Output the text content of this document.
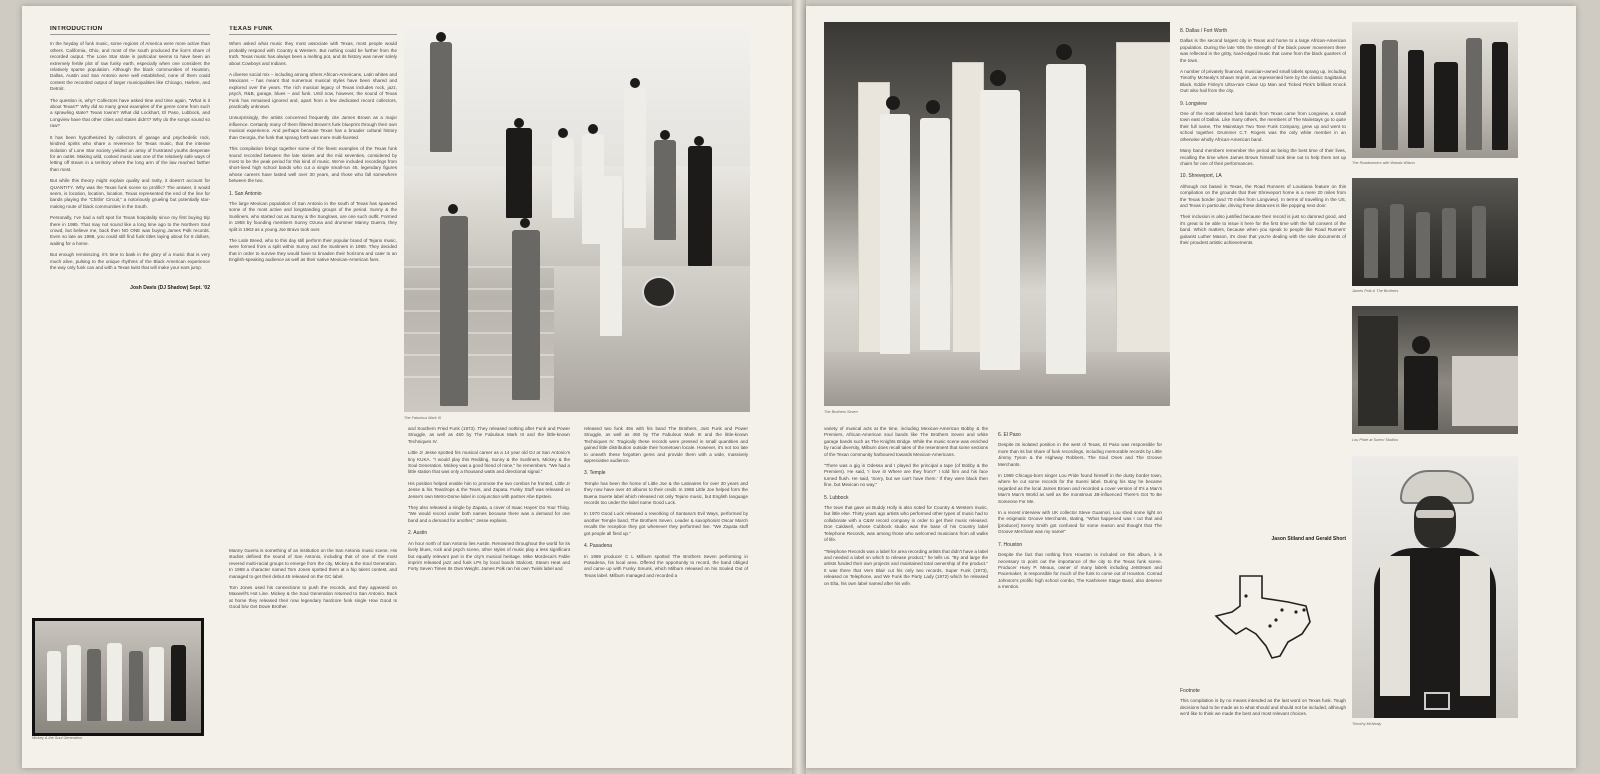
INTRODUCTION

In the heyday of funk music, some regions of America were more active than others. California, Ohio, and most of the south produced the lion's share of recorded output. The Lone Star state in particular seems to have been an extremely fertile plot of raw funky earth, especially when one considers the relatively sparse population. Although the black communities of Houston, Dallas, Austin and San Antonio were well established, none of them could contest the recorded output of larger municipalities like Chicago, Harlem, and Detroit.

The question is, why? Collectors have asked time and time again, "What is it about Texas?" Why did so many great examples of the genre come from such a sprawling state? Texas towns? What did Lockhart, El Paso, Lubbock, and Longview have that other cities and states didn't? Why do the songs sound so raw?

It has been hypothesized by collectors of garage and psychedelic rock, kindred spirits who share a reverence for Texas music, that the intense isolation of Lone Star society yielded an array of frustrated youths desperate for an outlet. Making wild, cooked music was one of the relatively safe ways of letting off steam in a territory where the long arm of the law reached farther than most.

But while this theory might explain quality and rarity, it doesn't account for QUANTITY. Why was the Texas funk scene so prolific? The answer, it would seem, is location, location, location. Texas represented the end of the line for bands playing the "Chitlin' Circuit," a notoriously grueling but potentially star-making route of black communities in the South.

Personally, I've had a soft spot for Texas hospitality since my first buying trip there in 1995. That may not sound like a long time ago to the Northern Soul crowd, but believe me, back then NO ONE was buying James Polk records. Even so late as 1998, you could still find funk titles laying about for 8 dollars, waiting for a home.

But enough reminiscing, it's time to bask in the glory of a music that is very much alive, pulsing to the unique rhythms of the Black American experience the way only funk can and with a Texas twist that will make your ears jump.

Josh Davis (DJ Shadow) Sept. '02
Mickey & the Soul Generation
TEXAS FUNK

When asked what music they most associate with Texas, most people would probably respond with Country & Western. But nothing could be further from the truth. Texas music has always been a melting pot, and its history was never solely about Cowboys and Indians.

A diverse social mix – including among others African-Americans, Latin whites and Mexicans – has meant that numerous musical styles have been shared and explored over the years. The rich musical legacy of Texas includes rock, jazz, psych, R&B, garage, blues – and funk. Until now, however, the sound of Texas Funk has remained ignored and, apart from a few dedicated record collectors, practically unknown.

Unsurprisingly, the artists concerned frequently cite James Brown as a major influence. Certainly many of them filtered Brown's funk blueprint through their own musical experience. And perhaps because Texas has a broader cultural history than Georgia, the funk that sprang forth was more multi-faceted.

This compilation brings together some of the finest examples of the Texas funk sound recorded between the late sixties and the mid seventies, considered by most to be the peak period for this kind of music. We've included recordings from short-lived high school bands who cut a single small-run 45, legendary figures whose careers have lasted well over 30 years, and those who fall somewhere between the two.

1. San Antonio

The large Mexican population of San Antonio in the south of Texas has spawned some of the most active and longstanding groups of the period. Sunny & the Sunliners, who started out as Sunny & the Sunglows, are one such outfit. Formed in 1958 by founding members Sunny Ozuna and drummer Manny Guerra, they split in 1963 as a young Joe Bravo took over.

The Latin Breed, who to this day still perform their popular brand of Tejano music, were formed from a split within Sunny and the Sunliners in 1969. They decided that in order to survive they would have to broaden their horizons and cater to an English-speaking audience as well as their native Mexican-American fans.

The Fabulous Mark III

Manny Guerra is something of an institution on the San Antonio music scene. His studios defined the sound of San Antonio, including that of one of the most revered multi-racial groups to emerge from the city, Mickey & the Soul Generation. In 1969 a character named Tom Jones spotted them at a hip talent contest, and managed to get their debut 45 released on the GC label.

Tom Jones used his connections to push the records, and they appeared on Maxwell's Hot Line. Mickey & the Soul Generation returned to San Antonio. Back at home they released their now legendary hardcore funk single How Good Is Good b/w Get Down Brother.

and Southern Fried Funk (1973). They released nothing after Funk and Power Struggle, as well as 450 by The Fabulous Mark III and the little-known Techniques IV.

Little Jr Jesse spotted his musical career as a 14 year old DJ at San Antonio's tiny KUKA. "I would play this Redding, Sunny & the Sunliners, Mickey & the Soul Generation. Mickey was a good friend of mine," he remembers. "We had a little station that was only a thousand watts and directional signal."

His position helped enable him to promote the two combos he fronted, Little Jr Jesse & his Teardrops & the Tears, and Zapata. Funky Stuff was released on Jesse's own Metro-Dome label in conjunction with partner Abe Epstein.

They also released a single by Zapata, a cover of Isaac Hayes' Do Your Thing. "We would record under both names because there was a demand for one band and a demand for another," Jesse explains.

2. Austin

An hour north of San Antonio lies Austin. Renowned throughout the world for its lively blues, rock and psych scene, other styles of music play a less significant but equally relevant part in the city's musical heritage. Mike Mordecai's Fable imprint released jazz and funk LPs by local bands Stalcost, Steam Heat and Forty Seven Times Its Own Weight. James Polk ran his own Twink label and

released two funk 45s with his band The Brothers, Just Funk and Power Struggle, as well as 450 by The Fabulous Mark III and the little-known Techniques IV. Tragically these records were pressed in small quantities and gained little distribution outside their hometown locale. However, it's not too late to unearth these forgotten gems and provide them with a wide, massively appreciative audience.

3. Temple

Temple has been the home of Little Joe & the Latinaires for over 30 years and they now have over 40 albums to their credit. In 1968 Little Joe helped form the Buena Suerte label which released not only Tejano music, but English language records too under the label name Good Luck.

In 1970 Good Luck released a reworking of Santana's Evil Ways, performed by another Temple band, The Brothers Seven. Leader & saxophonist Oscar March recalls the reception they got whenever they performed live. "We Zapata stuff got people all fired up."

4. Pasadena

In 1969 producer C L Milburn spotted The Brothers Seven performing in Pasadena, his local area. Offered the opportunity to record, the band obliged and came up with Funky Smunk, which Milburn released on his Souled Out of Texas label. Milburn managed and recorded a

The Brothers Seven

variety of musical acts at the time, including Mexican-American Bobby & the Premiers, African-American soul bands like The Brothers Seven and white garage bands such as The Knights Bridge. While the music scene was enriched by racial diversity, Milburn does recall tales of the resentment that some sections of the Texan community harboured towards Mexican-Americans.

"There was a gig in Odessa and I played the principal a tape (of Bobby & the Premiers). He said, 'I love it! Where are they from?' I told him and his face turned flush. He said, 'Sorry, but we can't have them.' If they were black then fine, but Mexican no way."

5. Lubbock

The town that gave us Buddy Holly is also noted for Country & Western music, but little else. Thirty years ago artists who performed other types of music had to collaborate with a C&W record company in order to get their music released. Don Caldwell, whose Cubbock studio was the base of his Country label Telephone Records, was among those who welcomed musicians from all walks of life.

"Telephone Records was a label for area recording artists that didn't have a label and needed a label on which to release product," he tells us. "By and large the artists funded their own projects and maintained total ownership of the product." It was there that Vern Blair cut his only two records, Super Funk (1973), released on Telephone, and We Funk the Party Lady (1972) which he released on Elta, his own label named after his wife.

6. El Paso

Despite its isolated position in the west of Texas, El Paso was responsible for more than its fair share of funk recordings, including memorable records by Little Jimmy Tyson & the Highway Robbers, The Soul Ones and The Groove Merchants.

In 1969 Chicago-born singer Lou Pride found himself in the dusty border town, where he cut some records for the Suemi label. During his stay he became regarded as the local James Brown and recorded a cover version of It's a Man's Man's Man's World as well as the monstrous JB-influenced There's Got To Be Someone For Me.

In a recent interview with UK collector Steve Guarnori, Lou shed some light on the enigmatic Groove Merchants, stating, "What happened was I cut that and [producer] Kenny Smith got confused for some reason and thought that The Groove Merchant was my name!"

7. Houston

Despite the fact that nothing from Houston is included on this album, it is necessary to point out the importance of the city to the Texas funk scene. Producer Huey P. Meaux, owner of many labels including Jetstream and Pacemaker, is responsible for much of the funk to come out of Houston. Conrad Johnson's prolific high school combo, The Kashmere Stage Band, also deserve a mention.

8. Dallas / Fort Worth

Dallas is the second largest city in Texas and home to a large African-American population. During the late '60s the strength of the black power movement there was reflected in the gritty, hard-edged music that came from the black quarters of the town.

A number of privately financed, musician-owned small labels sprang up, including Timothy McNealy's Shawn Imprint, as represented here by the classic Sagittarius Black. Eddie Finley's Ultra-rare Clean Up Man and Ticked Pink's brilliant Knock Out! also hail from the city.

9. Longview

One of the most talented funk bands from Texas came from Longview, a small town east of Dallas. Like many others, the members of The Mainstays go to quite their full name, The Mainstays Two Tone Funk Company, grew up and went to school together. Drummer C.T. Rogers was the only white member in an otherwise wholly African-American band.

Many band members remember the period as being the best time of their lives, recalling the time when James Brown himself took time out to help them set up chairs for one of their performances.

10. Shreveport, LA

Although not based in Texas, the Road Runners of Louisiana feature on this compilation on the grounds that their Shreveport home is a mere 20 miles from the Texas border (and 70 miles from Longview). In terms of travelling in the US, and Texas in particular, driving these distances is like popping next door.

Their inclusion is also justified because their record is just so damned good, and it's great to be able to issue it here for the first time with the full consent of the band. Which matters, because when you speak to people like Road Runners' guitarist Luther Mason, it's clear that you're dealing with the sole documents of their proudest artistic achievements.

Jason Stiland and Gerald Short
Footnote

This compilation is by no means intended as the last word on Texas funk. Tough decisions had to be made as to what should and should not be included, although we'd like to think we made the best and most relevant choices.

The Roadrunners with Wanda Wilson
James Polk & The Brothers
Lou Pride at Suemi Studios
Timothy McNealy
